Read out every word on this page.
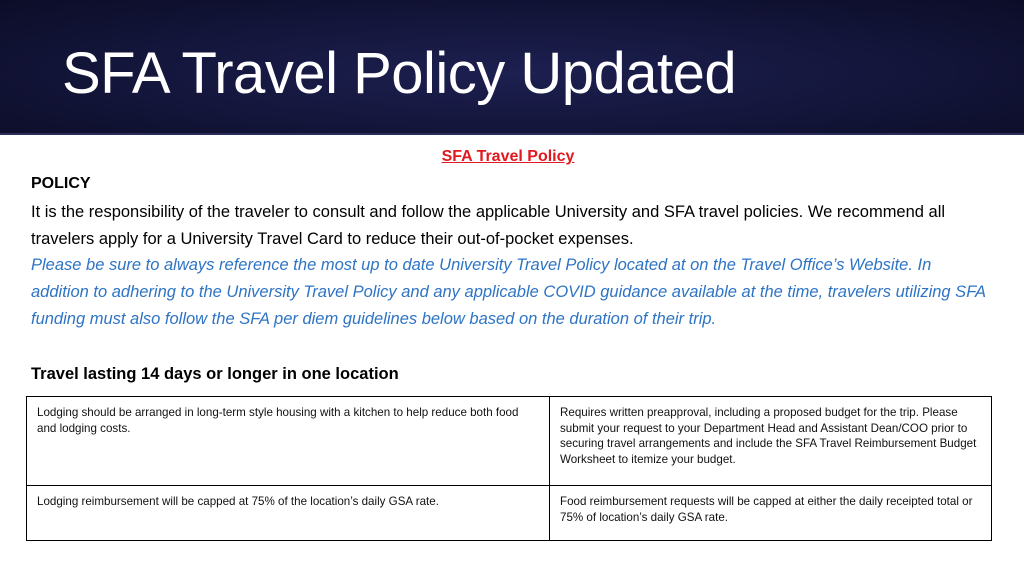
SFA Travel Policy Updated
SFA Travel Policy
POLICY
It is the responsibility of the traveler to consult and follow the applicable University and SFA travel policies. We recommend all travelers apply for a University Travel Card to reduce their out-of-pocket expenses.
Please be sure to always reference the most up to date University Travel Policy located at on the Travel Office’s Website. In addition to adhering to the University Travel Policy and any applicable COVID guidance available at the time, travelers utilizing SFA funding must also follow the SFA per diem guidelines below based on the duration of their trip.
Travel lasting 14 days or longer in one location
Lodging should be arranged in long-term style housing with a kitchen to help reduce both food and lodging costs.	Requires written preapproval, including a proposed budget for the trip. Please submit your request to your Department Head and Assistant Dean/COO prior to securing travel arrangements and include the SFA Travel Reimbursement Budget Worksheet to itemize your budget.
Lodging reimbursement will be capped at 75% of the location’s daily GSA rate.	Food reimbursement requests will be capped at either the daily receipted total or 75% of location’s daily GSA rate.
